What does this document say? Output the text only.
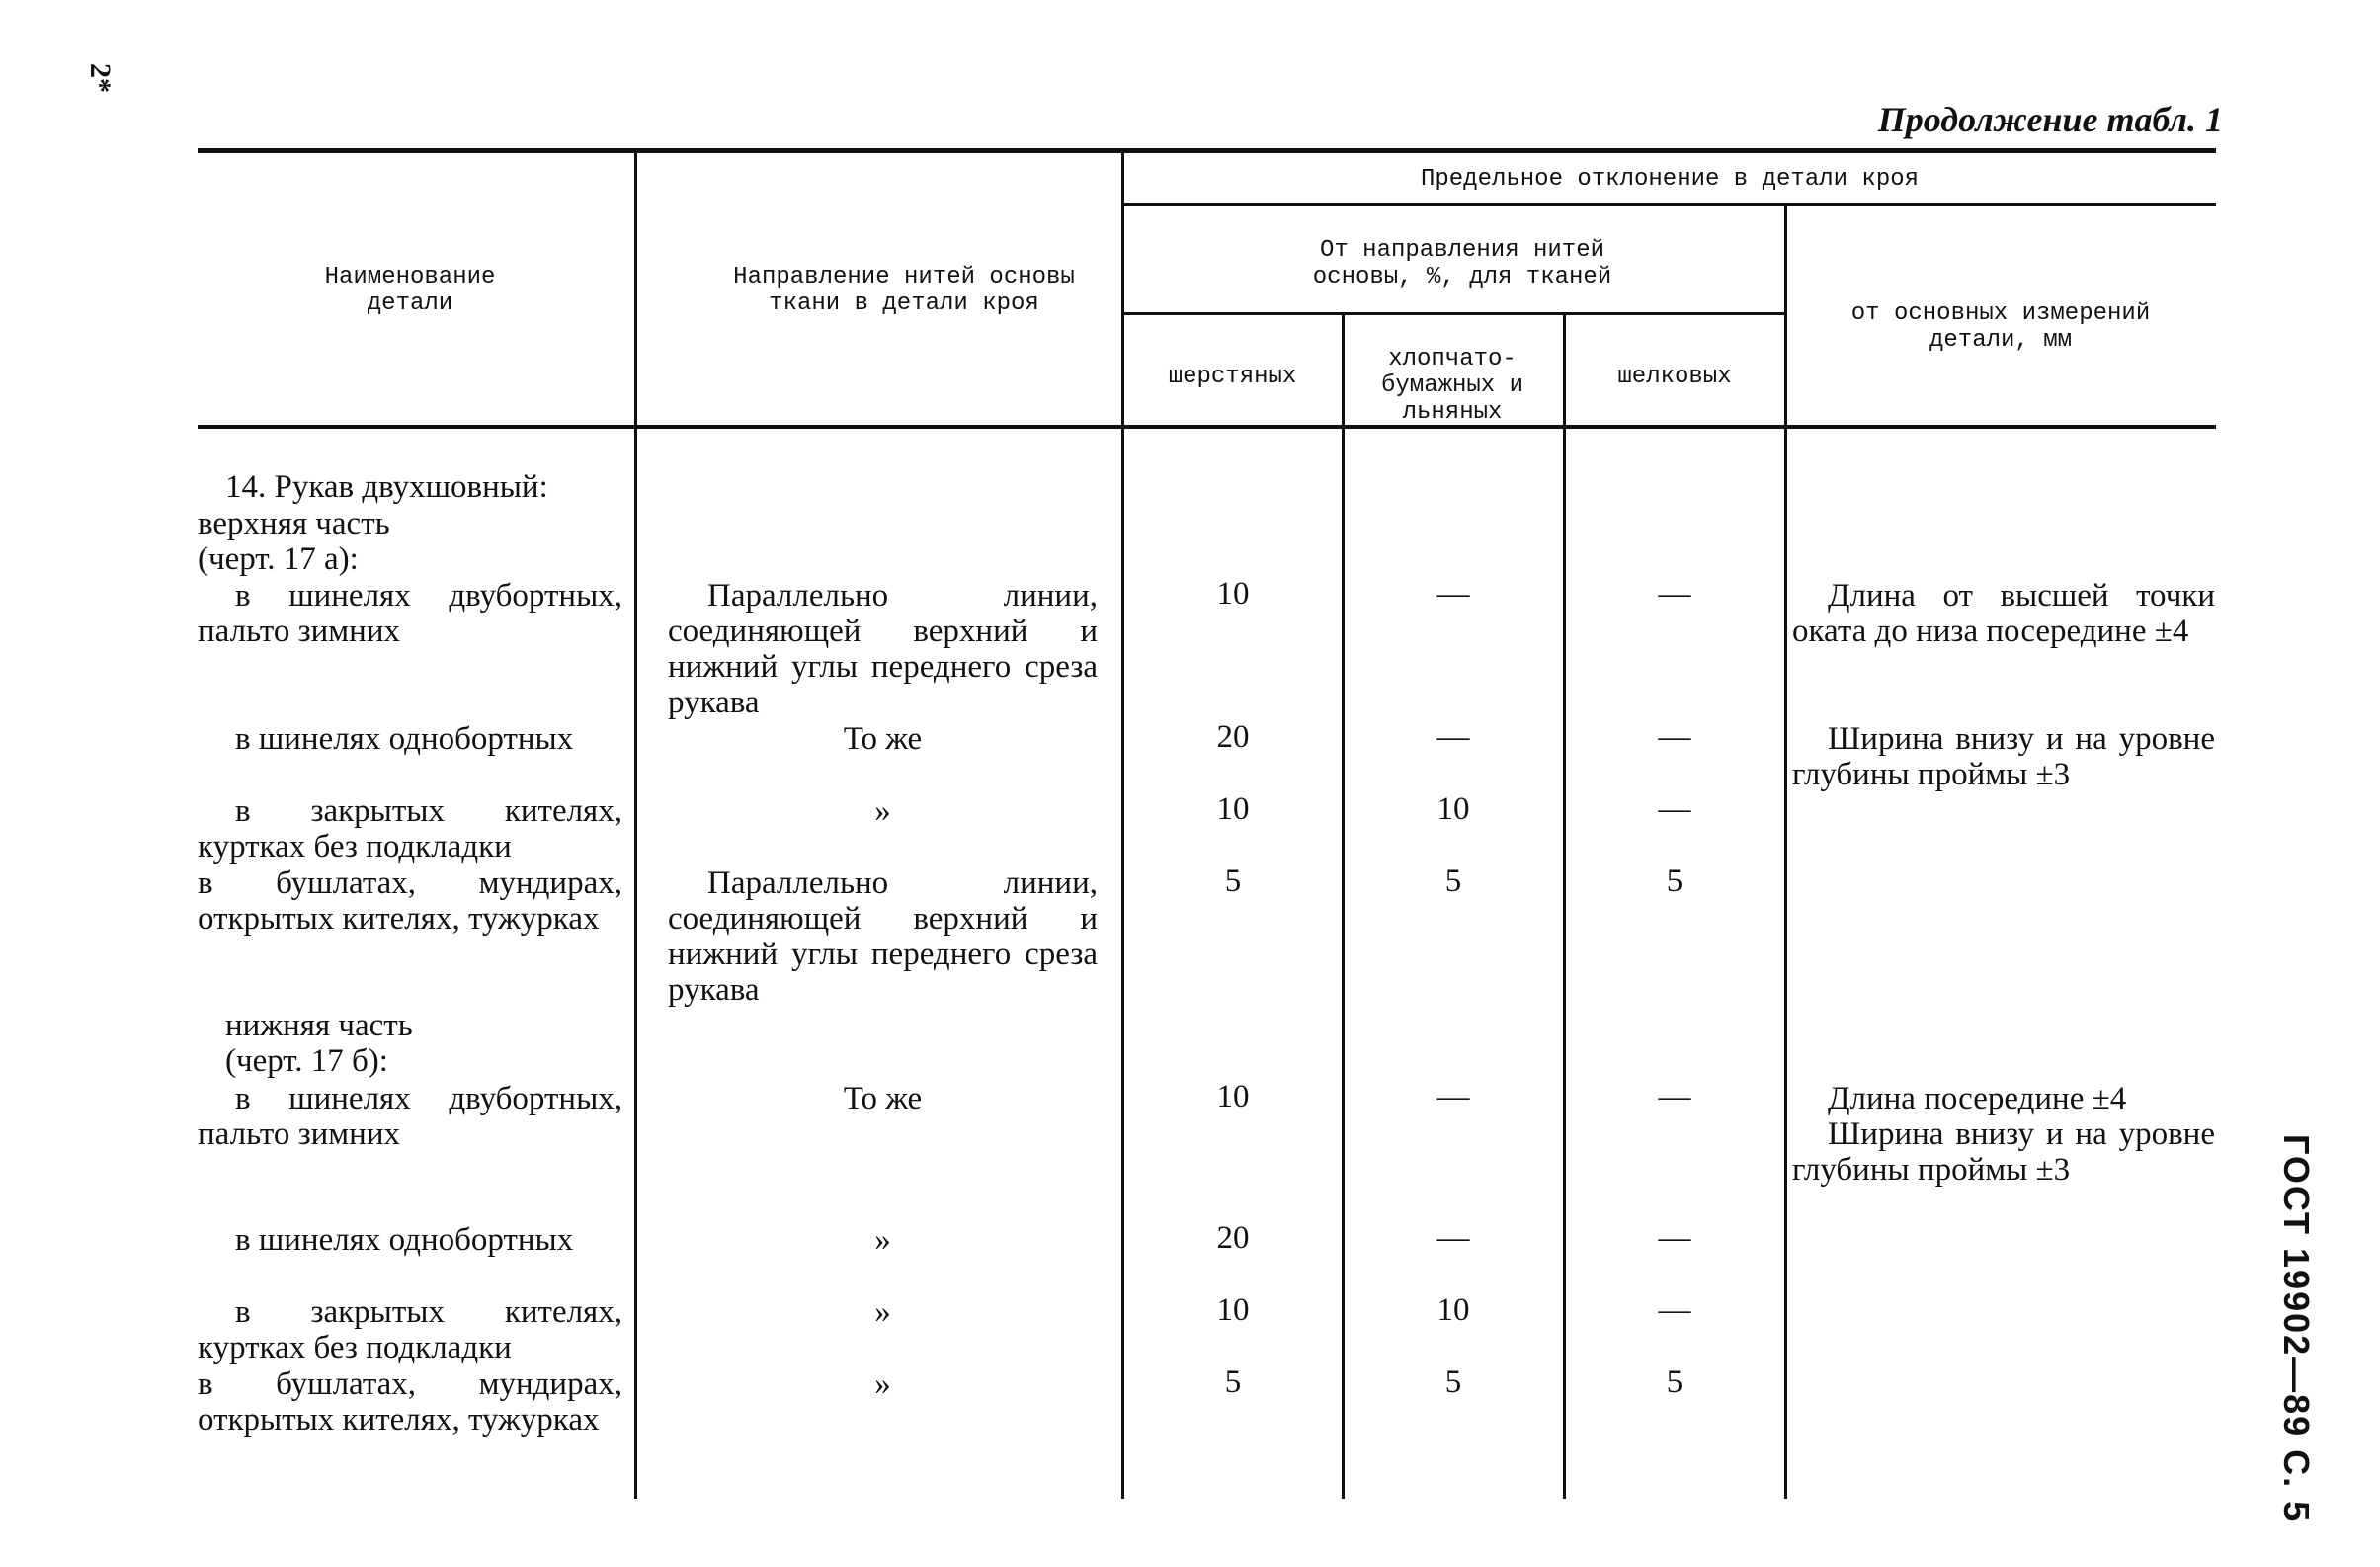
2*
Продолжение табл. 1
ГОСТ 19902—89 С. 5
Наименование детали
Направление нитей основы ткани в детали кроя
Предельное отклонение в детали кроя
От направления нитей основы, %, для тканей
шерстяных
хлопчато-бумажных и льняных
шелковых
от основных измерений детали, мм
14. Рукав двухшовный:
верхняя часть (черт. 17 а):
в шинелях двубортных, пальто зимних
в шинелях однобортных
в закрытых кителях, куртках без подкладки
в бушлатах, мундирах, открытых кителях, тужурках
нижняя часть (черт. 17 б):
в шинелях двубортных, пальто зимних
в шинелях однобортных
в закрытых кителях, куртках без подкладки
в бушлатах, мундирах, открытых кителях, тужурках
Параллельно линии, соединяющей верхний и нижний углы переднего среза рукава
То же
»
Параллельно линии, соединяющей верхний и нижний углы переднего среза рукава
То же
»
»
»
10
20
10
5
10
20
10
5
—
—
10
5
—
—
10
5
—
—
—
5
—
—
—
5
Длина от высшей точки оката до низа посередине ±4
Ширина внизу и на уровне глубины проймы ±3
Длина посередине ±4
Ширина внизу и на уровне глубины проймы ±3
